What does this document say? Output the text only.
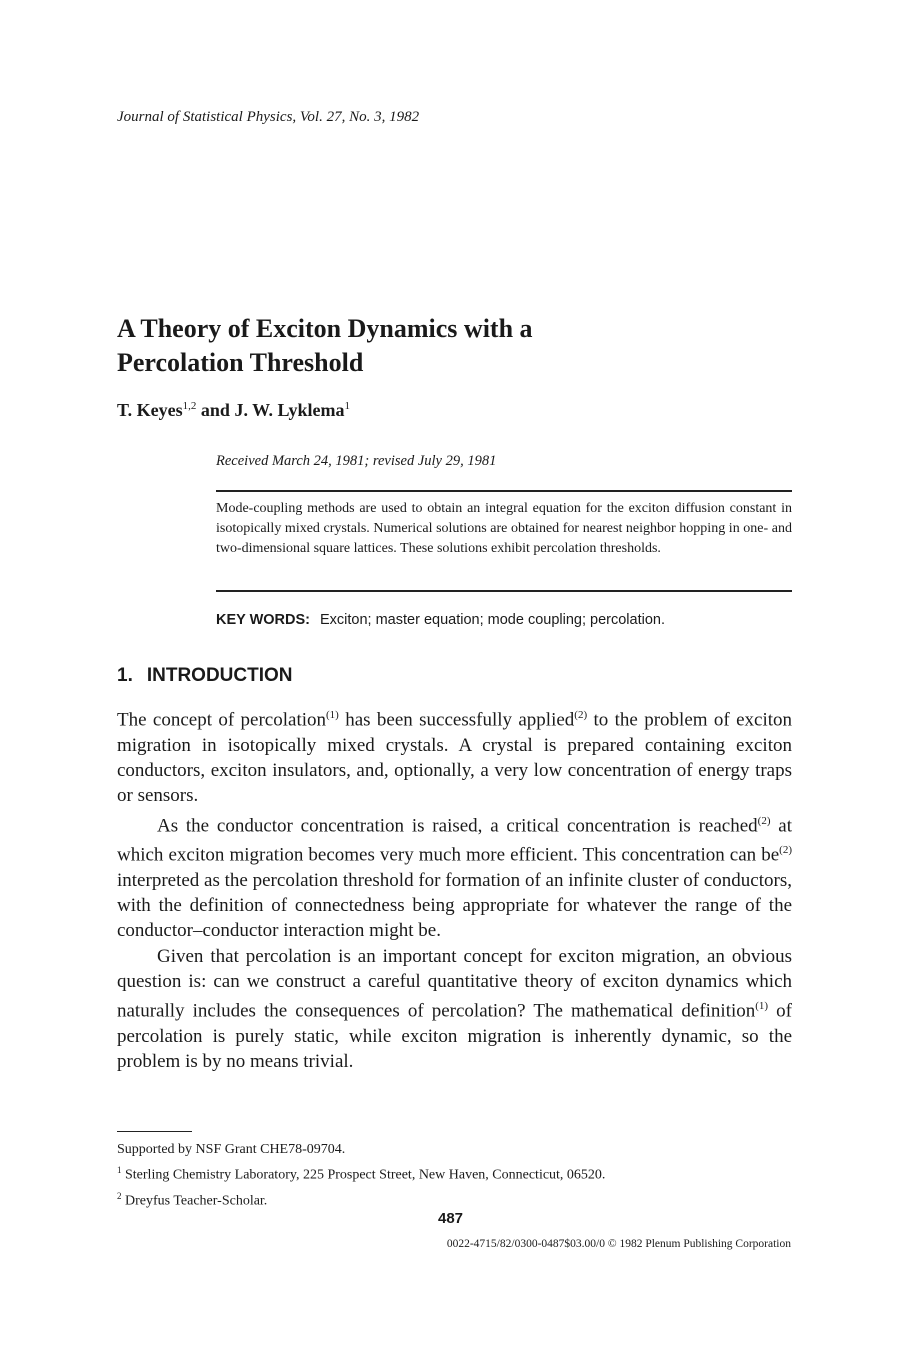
Journal of Statistical Physics, Vol. 27, No. 3, 1982
A Theory of Exciton Dynamics with a
Percolation Threshold
T. Keyes$^{1,2}$ and J. W. Lyklema$^1$
Received March 24, 1981; revised July 29, 1981
Mode-coupling methods are used to obtain an integral equation for the exciton diffusion constant in isotopically mixed crystals. Numerical solutions are obtained for nearest neighbor hopping in one- and two-dimensional square lattices. These solutions exhibit percolation thresholds.
KEY WORDS: Exciton; master equation; mode coupling; percolation.
1. INTRODUCTION

The concept of percolation$^{(1)}$ has been successfully applied$^{(2)}$ to the problem of exciton migration in isotopically mixed crystals. A crystal is prepared containing exciton conductors, exciton insulators, and, optionally, a very low concentration of energy traps or sensors.

As the conductor concentration is raised, a critical concentration is reached$^{(2)}$ at which exciton migration becomes very much more efficient. This concentration can $be^{(2)}$ interpreted as the percolation threshold for formation of an infinite cluster of conductors, with the definition of connectedness being appropriate for whatever the range of the conductor–conductor interaction might be.

Given that percolation is an important concept for exciton migration, an obvious question is: can we construct a careful quantitative theory of exciton dynamics which naturally includes the consequences of percolation? The mathematical definition$^{(1)}$ of percolation is purely static, while exciton migration is inherently dynamic, so the problem is by no means trivial.

Supported by NSF Grant CHE78-09704.
$^1$ Sterling Chemistry Laboratory, 225 Prospect Street, New Haven, Connecticut, 06520.
$^2$ Dreyfus Teacher-Scholar.
487
0022-4715/82/0300-0487$03.00/0 © 1982 Plenum Publishing Corporation
